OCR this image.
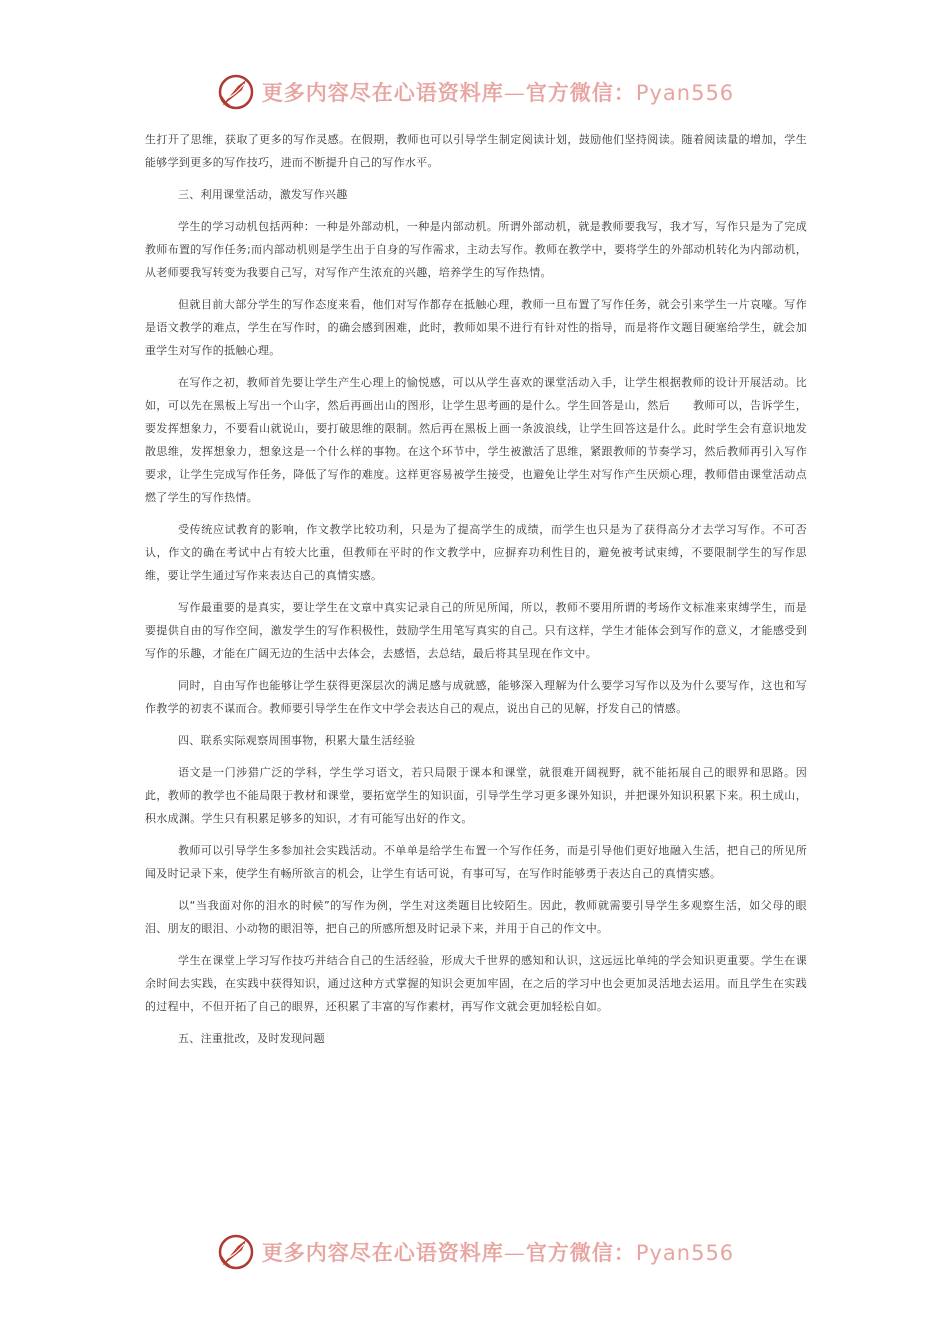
更多内容尽在心语资料库—官方微信：Pyan556

生打开了思维，获取了更多的写作灵感。在假期，教师也可以引导学生制定阅读计划，鼓励他们坚持阅读。随着阅读量的增加，学生能够学到更多的写作技巧，进而不断提升自己的写作水平。

三、利用课堂活动，激发写作兴趣

学生的学习动机包括两种：一种是外部动机，一种是内部动机。所谓外部动机，就是教师要我写，我才写，写作只是为了完成教师布置的写作任务;而内部动机则是学生出于自身的写作需求，主动去写作。教师在教学中，要将学生的外部动机转化为内部动机，从老师要我写转变为我要自己写，对写作产生浓㐬的兴趣，培养学生的写作热情。

但就目前大部分学生的写作态度来看，他们对写作都存在抵触心理，教师一旦布置了写作任务，就会引来学生一片哀嚎。写作是语文教学的难点，学生在写作时，的确会感到困难，此时，教师如果不进行有针对性的指导，而是将作文题目硬塞给学生，就会加重学生对写作的抵触心理。

在写作之初，教师首先要让学生产生心理上的愉悦感，可以从学生喜欢的课堂活动入手，让学生根据教师的设计开展活动。比如，可以先在黑板上写出一个山字，然后再画出山的图形，让学生思考画的是什么。学生回答是山，然后　　教师可以，告诉学生，要发挥想象力，不要看山就说山，要打破思维的限制。然后再在黑板上画一条波浪线，让学生回答这是什么。此时学生会有意识地发散思维，发挥想象力，想象这是一个什么样的事物。在这个环节中，学生被激活了思维，紧跟教师的节奏学习，然后教师再引入写作要求，让学生完成写作任务，降低了写作的难度。这样更容易被学生接受，也避免让学生对写作产生厌烦心理，教师借由课堂活动点燃了学生的写作热情。

受传统应试教育的影响，作文教学比较功利，只是为了提高学生的成绩，而学生也只是为了获得高分才去学习写作。不可否认，作文的确在考试中占有较大比重，但教师在平时的作文教学中，应摒弃功利性目的，避免被考试束缚，不要限制学生的写作思维，要让学生通过写作来表达自己的真情实感。

写作最重要的是真实，要让学生在文章中真实记录自己的所见所闻，所以，教师不要用所谓的考场作文标准来束缚学生，而是要提供自由的写作空间，激发学生的写作积极性，鼓励学生用笔写真实的自己。只有这样，学生才能体会到写作的意义，才能感受到写作的乐趣，才能在广阔无边的生活中去体会，去感悟，去总结，最后将其呈现在作文中。

同时，自由写作也能够让学生获得更深层次的满足感与成就感，能够深入理解为什么要学习写作以及为什么要写作，这也和写作教学的初衷不谋而合。教师要引导学生在作文中学会表达自己的观点，说出自己的见解，抒发自己的情感。

四、联系实际观察周围事物，积累大量生活经验

语文是一门涉猎广泛的学科，学生学习语文，若只局限于课本和课堂，就很难开阔视野，就不能拓展自己的眼界和思路。因此，教师的教学也不能局限于教材和课堂，要拓宽学生的知识面，引导学生学习更多课外知识，并把课外知识积累下来。积土成山，积水成渊。学生只有积累足够多的知识，才有可能写出好的作文。

教师可以引导学生多参加社会实践活动。不单单是给学生布置一个写作任务，而是引导他们更好地融入生活，把自己的所见所闻及时记录下来，使学生有畅所欲言的机会，让学生有话可说，有事可写，在写作时能够勇于表达自己的真情实感。

以“当我面对你的泪水的时候”的写作为例，学生对这类题目比较陌生。因此，教师就需要引导学生多观察生活，如父母的眼泪、朋友的眼泪、小动物的眼泪等，把自己的所感所想及时记录下来，并用于自己的作文中。

学生在课堂上学习写作技巧并结合自己的生活经验，形成大千世界的感知和认识，这远远比单纯的学会知识更重要。学生在课余时间去实践，在实践中获得知识，通过这种方式掌握的知识会更加牢固，在之后的学习中也会更加灵活地去运用。而且学生在实践的过程中，不但开拓了自己的眼界，还积累了丰富的写作素材，再写作文就会更加轻松自如。

五、注重批改，及时发现问题

更多内容尽在心语资料库—官方微信：Pyan556
